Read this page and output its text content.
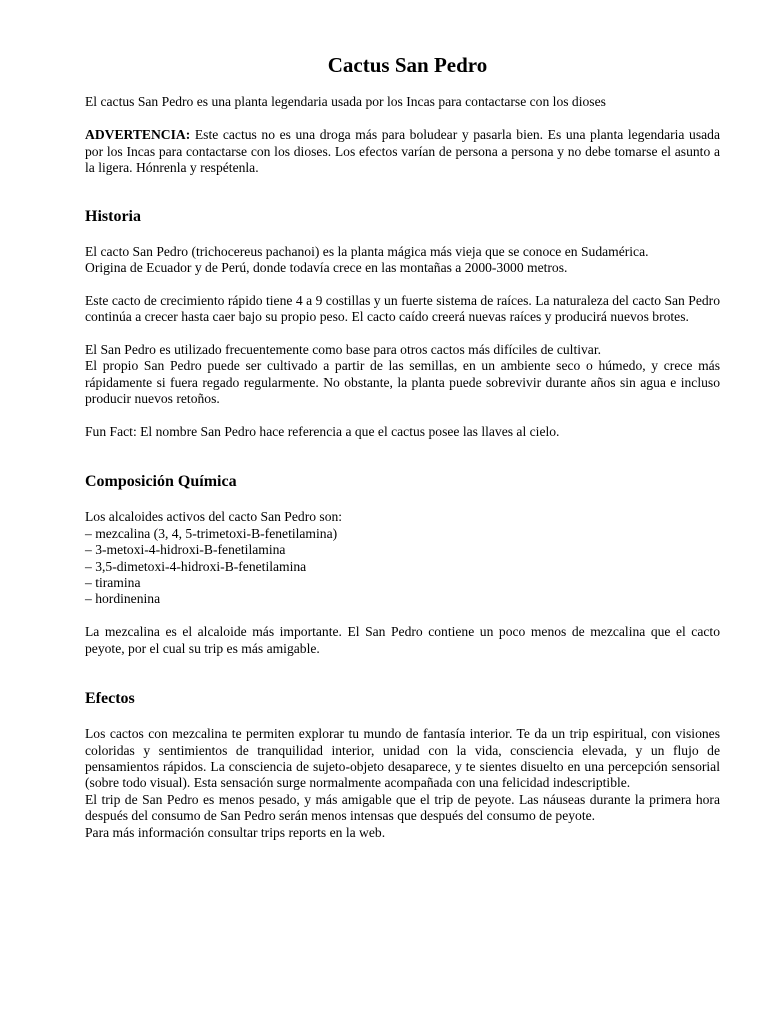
Cactus San Pedro

El cactus San Pedro es una planta legendaria usada por los Incas para contactarse con los dioses

ADVERTENCIA: Este cactus no es una droga más para boludear y pasarla bien. Es una planta legendaria usada por los Incas para contactarse con los dioses. Los efectos varían de persona a persona y no debe tomarse el asunto a la ligera. Hónrenla y respétenla.

Historia

El cacto San Pedro (trichocereus pachanoi) es la planta mágica más vieja que se conoce en Sudamérica.

Origina de Ecuador y de Perú, donde todavía crece en las montañas a 2000-3000 metros.

Este cacto de crecimiento rápido tiene 4 a 9 costillas y un fuerte sistema de raíces. La naturaleza del cacto San Pedro continúa a crecer hasta caer bajo su propio peso. El cacto caído creerá nuevas raíces y producirá nuevos brotes.

El San Pedro es utilizado frecuentemente como base para otros cactos más difíciles de cultivar.

El propio San Pedro puede ser cultivado a partir de las semillas, en un ambiente seco o húmedo, y crece más rápidamente si fuera regado regularmente. No obstante, la planta puede sobrevivir durante años sin agua e incluso producir nuevos retoños.

Fun Fact: El nombre San Pedro hace referencia a que el cactus posee las llaves al cielo.

Composición Química

Los alcaloides activos del cacto San Pedro son:

– mezcalina (3, 4, 5-trimetoxi-B-fenetilamina)

– 3-metoxi-4-hidroxi-B-fenetilamina

– 3,5-dimetoxi-4-hidroxi-B-fenetilamina

– tiramina

– hordinenina

La mezcalina es el alcaloide más importante. El San Pedro contiene un poco menos de mezcalina que el cacto peyote, por el cual su trip es más amigable.

Efectos

Los cactos con mezcalina te permiten explorar tu mundo de fantasía interior. Te da un trip espiritual, con visiones coloridas y sentimientos de tranquilidad interior, unidad con la vida, consciencia elevada, y un flujo de pensamientos rápidos. La consciencia de sujeto-objeto desaparece, y te sientes disuelto en una percepción sensorial (sobre todo visual). Esta sensación surge normalmente acompañada con una felicidad indescriptible.

El trip de San Pedro es menos pesado, y más amigable que el trip de peyote. Las náuseas durante la primera hora después del consumo de San Pedro serán menos intensas que después del consumo de peyote.

Para más información consultar trips reports en la web.
